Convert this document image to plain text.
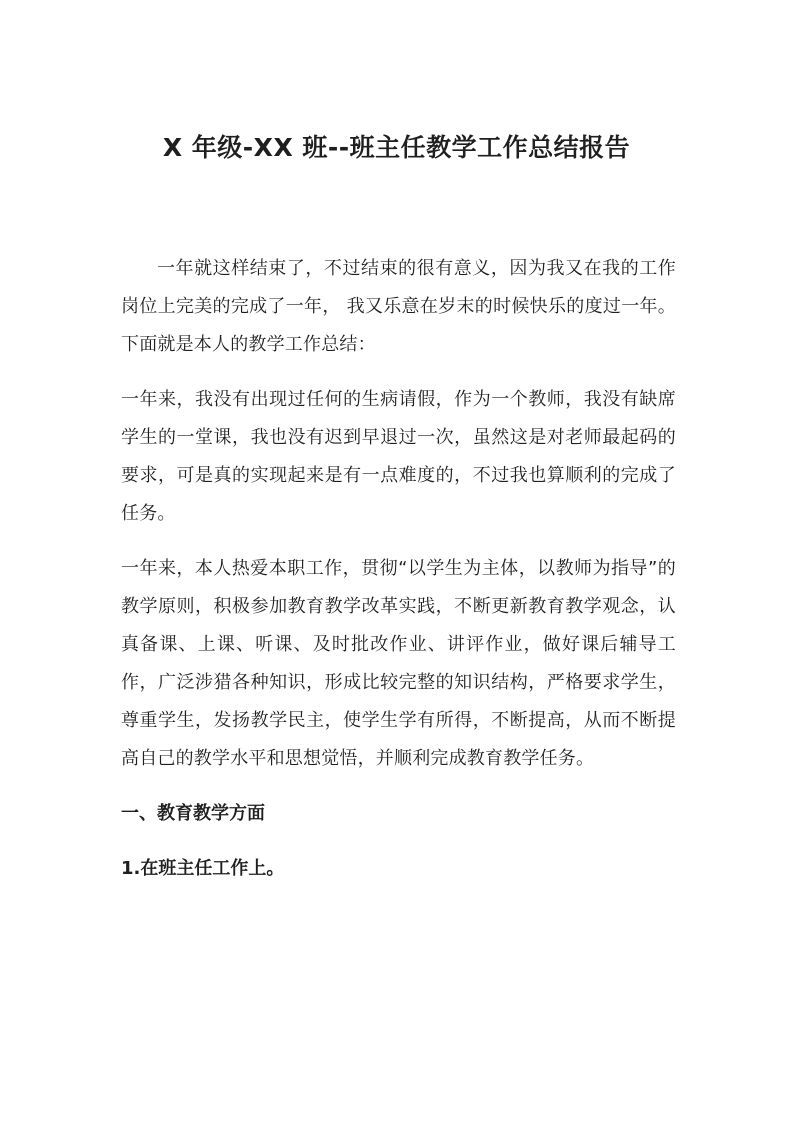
X 年级-XX 班--班主任教学工作总结报告

一年就这样结束了，不过结束的很有意义，因为我又在我的工作岗位上完美的完成了一年， 我又乐意在岁末的时候快乐的度过一年。下面就是本人的教学工作总结：

一年来，我没有出现过任何的生病请假，作为一个教师，我没有缺席学生的一堂课，我也没有迟到早退过一次，虽然这是对老师最起码的要求，可是真的实现起来是有一点难度的，不过我也算顺利的完成了任务。

一年来，本人热爱本职工作，贯彻“以学生为主体，以教师为指导”的教学原则，积极参加教育教学改革实践，不断更新教育教学观念，认真备课、上课、听课、及时批改作业、讲评作业，做好课后辅导工作，广泛涉猎各种知识，形成比较完整的知识结构，严格要求学生，尊重学生，发扬教学民主，使学生学有所得，不断提高，从而不断提高自己的教学水平和思想觉悟，并顺利完成教育教学任务。

一、教育教学方面

1.在班主任工作上。
